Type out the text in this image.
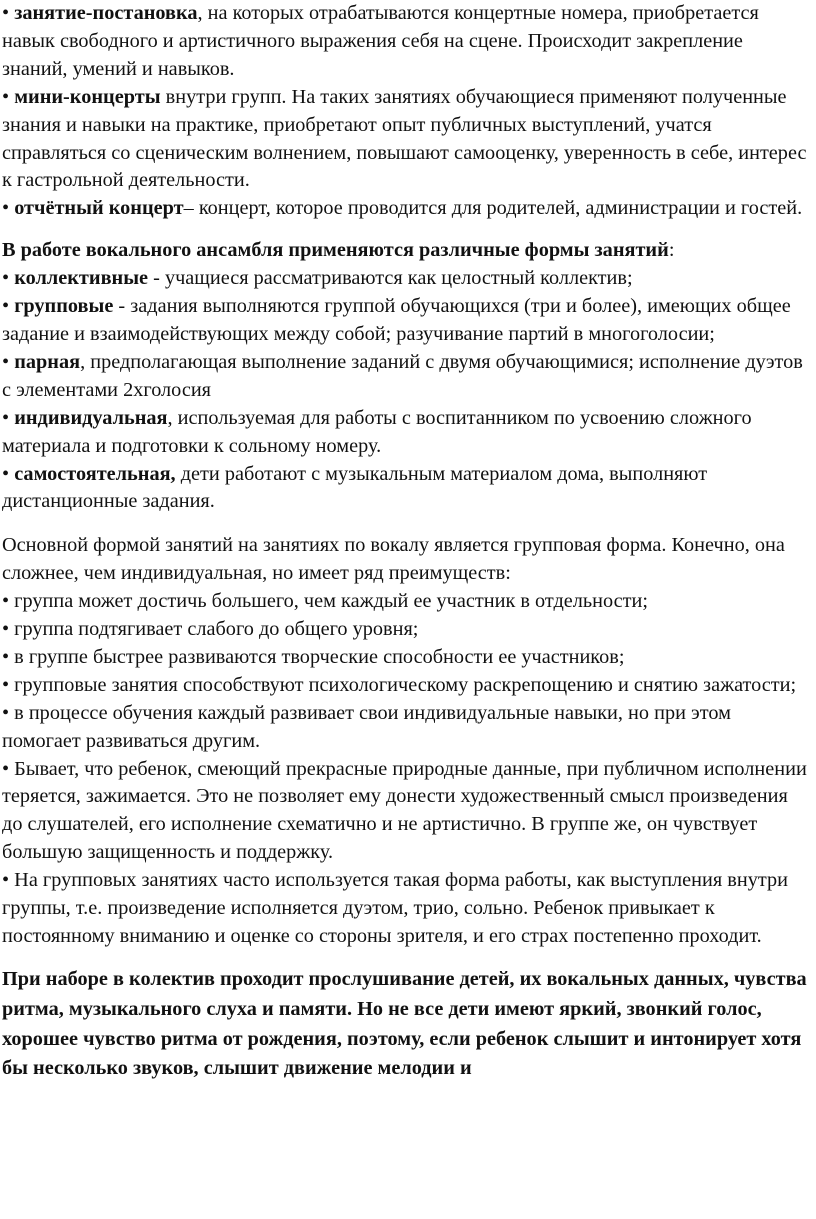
• занятие-постановка, на которых отрабатываются концертные номера, приобретается навык свободного и артистичного выражения себя на сцене. Происходит закрепление знаний, умений и навыков.

• мини-концерты внутри групп. На таких занятиях обучающиеся применяют полученные знания и навыки на практике, приобретают опыт публичных выступлений, учатся справляться со сценическим волнением, повышают самооценку, уверенность в себе, интерес к гастрольной деятельности.

• отчётный концерт– концерт, которое проводится для родителей, администрации и гостей.

В работе вокального ансамбля применяются различные формы занятий:

• коллективные - учащиеся рассматриваются как целостный коллектив;

• групповые - задания выполняются группой обучающихся (три и более), имеющих общее задание и взаимодействующих между собой; разучивание партий в многоголосии;

• парная, предполагающая выполнение заданий с двумя обучающимися; исполнение дуэтов с элементами 2хголосия

• индивидуальная, используемая для работы с воспитанником по усвоению сложного материала и подготовки к сольному номеру.

• самостоятельная, дети работают с музыкальным материалом дома, выполняют дистанционные задания.

Основной формой занятий на занятиях по вокалу является групповая форма. Конечно, она сложнее, чем индивидуальная, но имеет ряд преимуществ:

• группа может достичь большего, чем каждый ее участник в отдельности;

• группа подтягивает слабого до общего уровня;

• в группе быстрее развиваются творческие способности ее участников;

• групповые занятия способствуют психологическому раскрепощению и снятию зажатости;

• в процессе обучения каждый развивает свои индивидуальные навыки, но при этом помогает развиваться другим.

• Бывает, что ребенок, смеющий прекрасные природные данные, при публичном исполнении теряется, зажимается. Это не позволяет ему донести художественный смысл произведения до слушателей, его исполнение схематично и не артистично. В группе же, он чувствует большую защищенность и поддержку.

• На групповых занятиях часто используется такая форма работы, как выступления внутри группы, т.е. произведение исполняется дуэтом, трио, сольно. Ребенок привыкает к постоянному вниманию и оценке со стороны зрителя, и его страх постепенно проходит.

При наборе в колектив проходит прослушивание детей, их вокальных данных, чувства ритма, музыкального слуха и памяти. Но не все дети имеют яркий, звонкий голос, хорошее чувство ритма от рождения, поэтому, если ребенок слышит и интонирует хотя бы несколько звуков, слышит движение мелодии и
